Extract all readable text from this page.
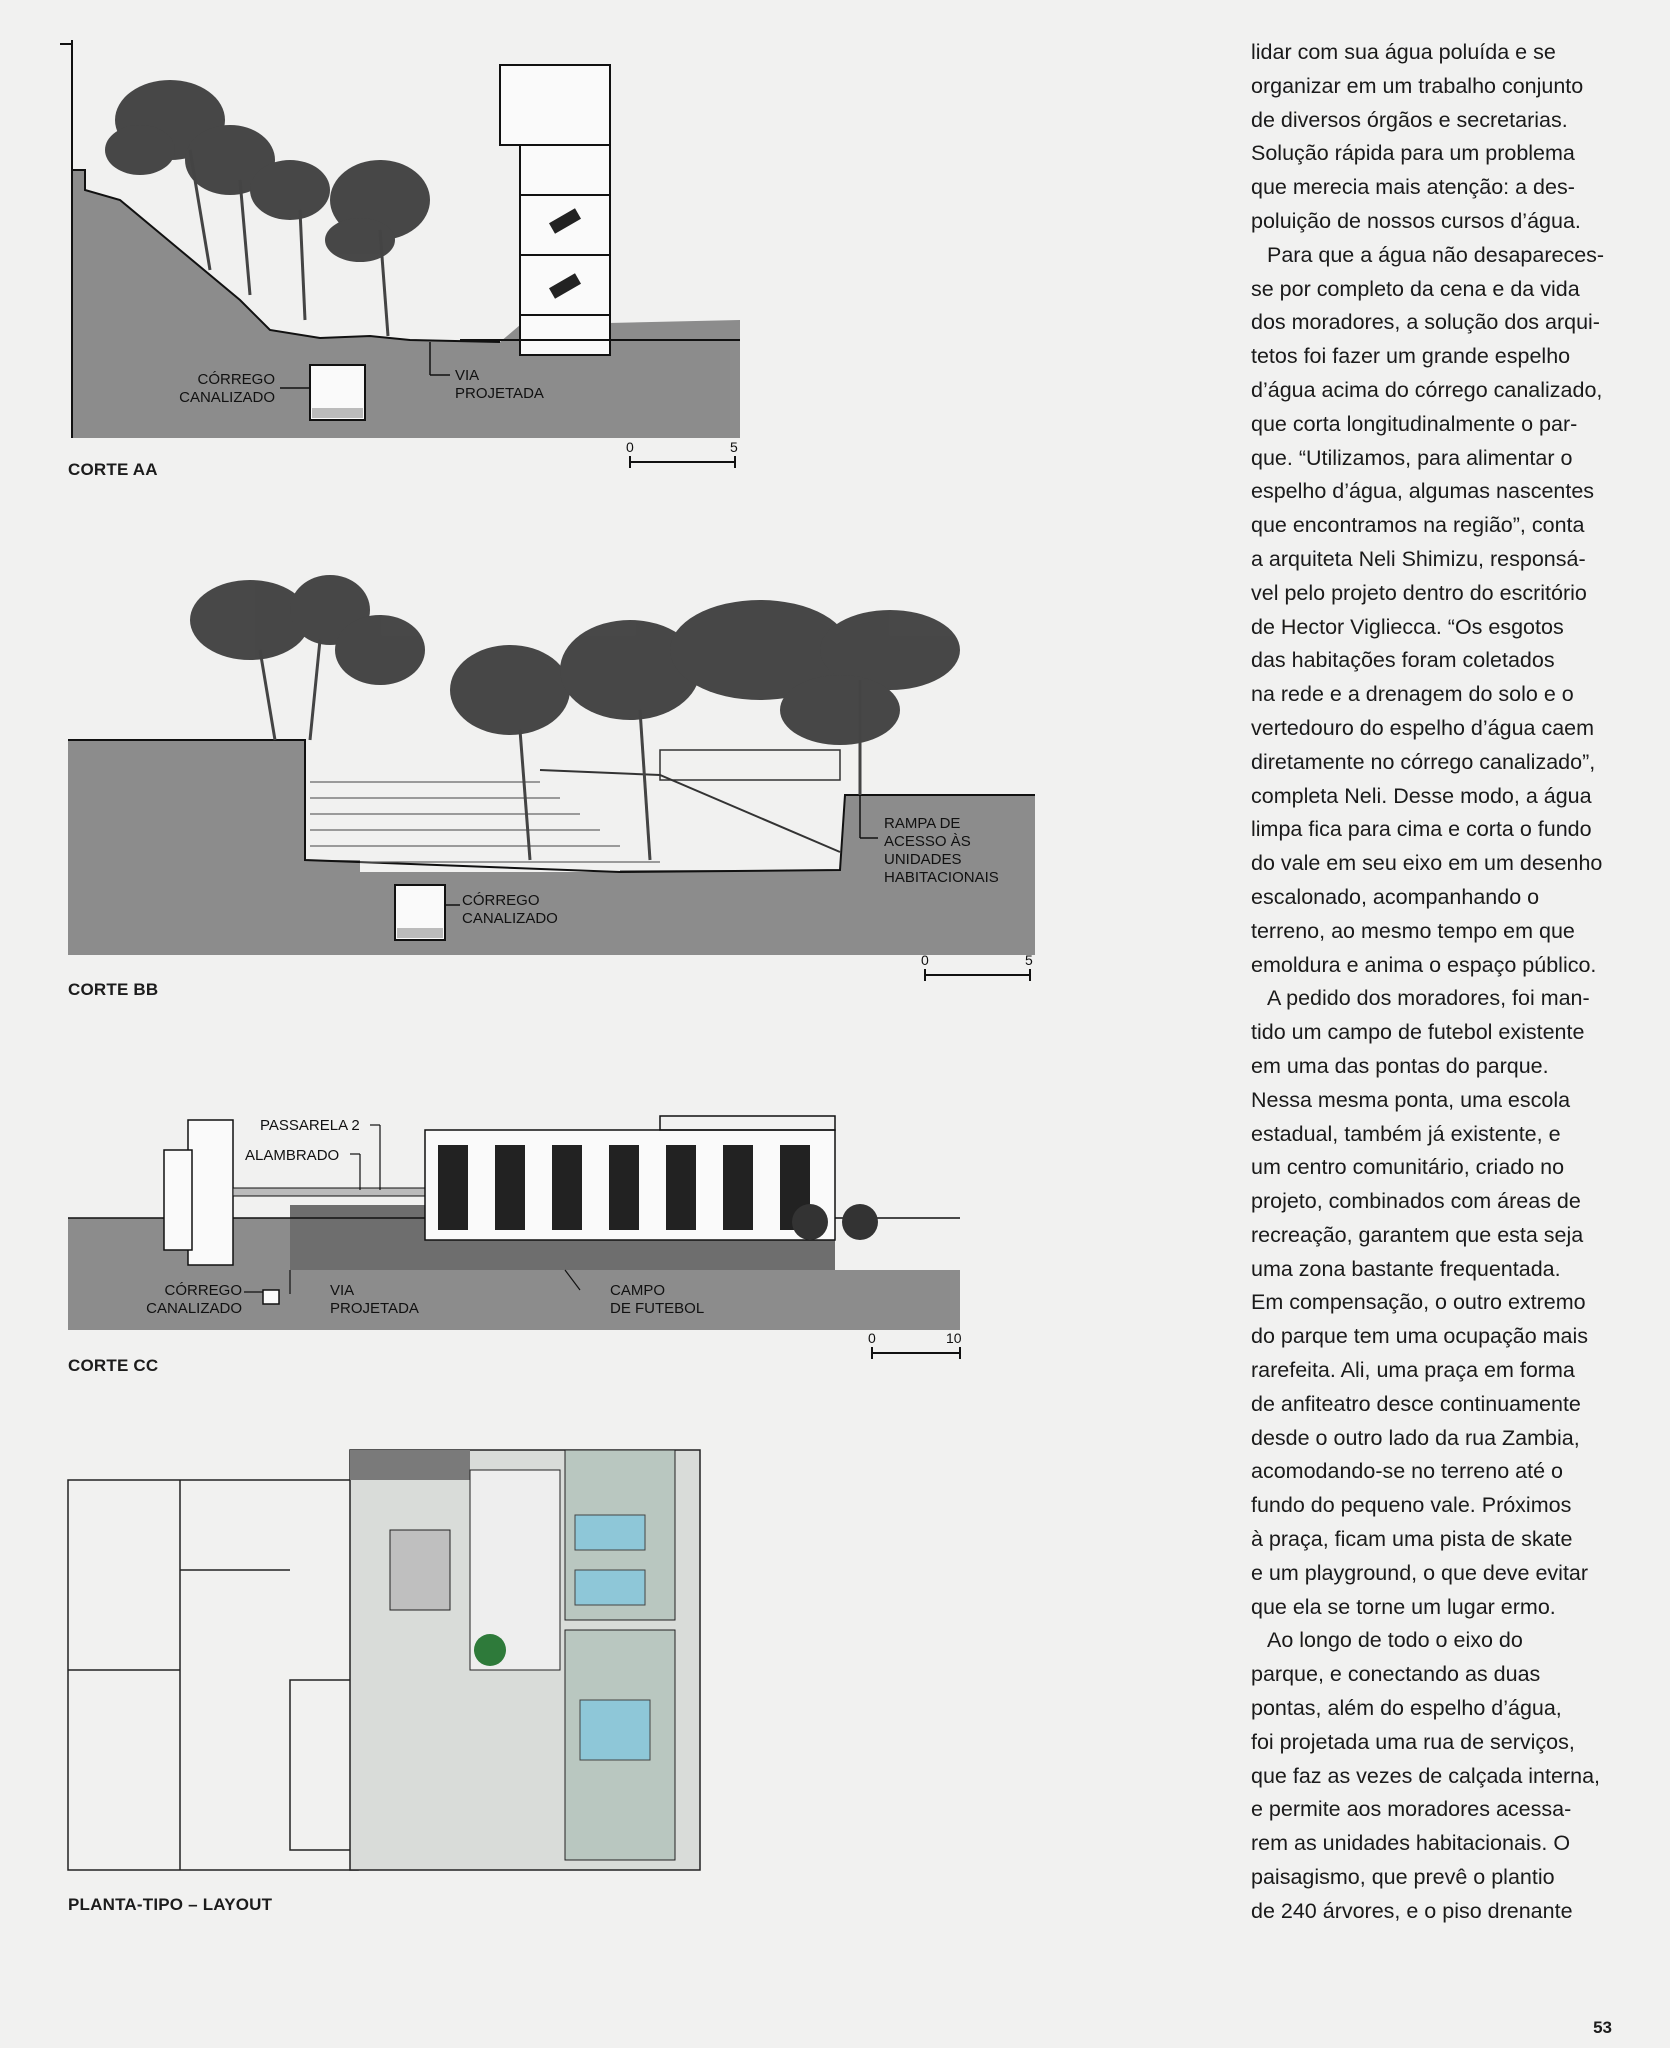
CÓRREGO
CANALIZADO
VIA
PROJETADA
0	5
CORTE AA
CÓRREGO
CANALIZADO
RAMPA DE
ACESSO ÀS
UNIDADES
HABITACIONAIS
0	5
CORTE BB
PASSARELA 2
ALAMBRADO
CÓRREGO
CANALIZADO
VIA
PROJETADA
CAMPO
DE FUTEBOL
0	10
CORTE CC
PLANTA-TIPO – LAYOUT

lidar com sua água poluída e se
organizar em um trabalho conjunto
de diversos órgãos e secretarias.
Solução rápida para um problema
que merecia mais atenção: a des-
poluição de nossos cursos d’água.

Para que a água não desapareces-
se por completo da cena e da vida
dos moradores, a solução dos arqui-
tetos foi fazer um grande espelho
d’água acima do córrego canalizado,
que corta longitudinalmente o par-
que. “Utilizamos, para alimentar o
espelho d’água, algumas nascentes
que encontramos na região”, conta
a arquiteta Neli Shimizu, responsá-
vel pelo projeto dentro do escritório
de Hector Vigliecca. “Os esgotos
das habitações foram coletados
na rede e a drenagem do solo e o
vertedouro do espelho d’água caem
diretamente no córrego canalizado”,
completa Neli. Desse modo, a água
limpa fica para cima e corta o fundo
do vale em seu eixo em um desenho
escalonado, acompanhando o
terreno, ao mesmo tempo em que
emoldura e anima o espaço público.

A pedido dos moradores, foi man-
tido um campo de futebol existente
em uma das pontas do parque.
Nessa mesma ponta, uma escola
estadual, também já existente, e
um centro comunitário, criado no
projeto, combinados com áreas de
recreação, garantem que esta seja
uma zona bastante frequentada.
Em compensação, o outro extremo
do parque tem uma ocupação mais
rarefeita. Ali, uma praça em forma
de anfiteatro desce continuamente
desde o outro lado da rua Zambia,
acomodando-se no terreno até o
fundo do pequeno vale. Próximos
à praça, ficam uma pista de skate
e um playground, o que deve evitar
que ela se torne um lugar ermo.

Ao longo de todo o eixo do
parque, e conectando as duas
pontas, além do espelho d’água,
foi projetada uma rua de serviços,
que faz as vezes de calçada interna,
e permite aos moradores acessa-
rem as unidades habitacionais. O
paisagismo, que prevê o plantio
de 240 árvores, e o piso drenante

53
